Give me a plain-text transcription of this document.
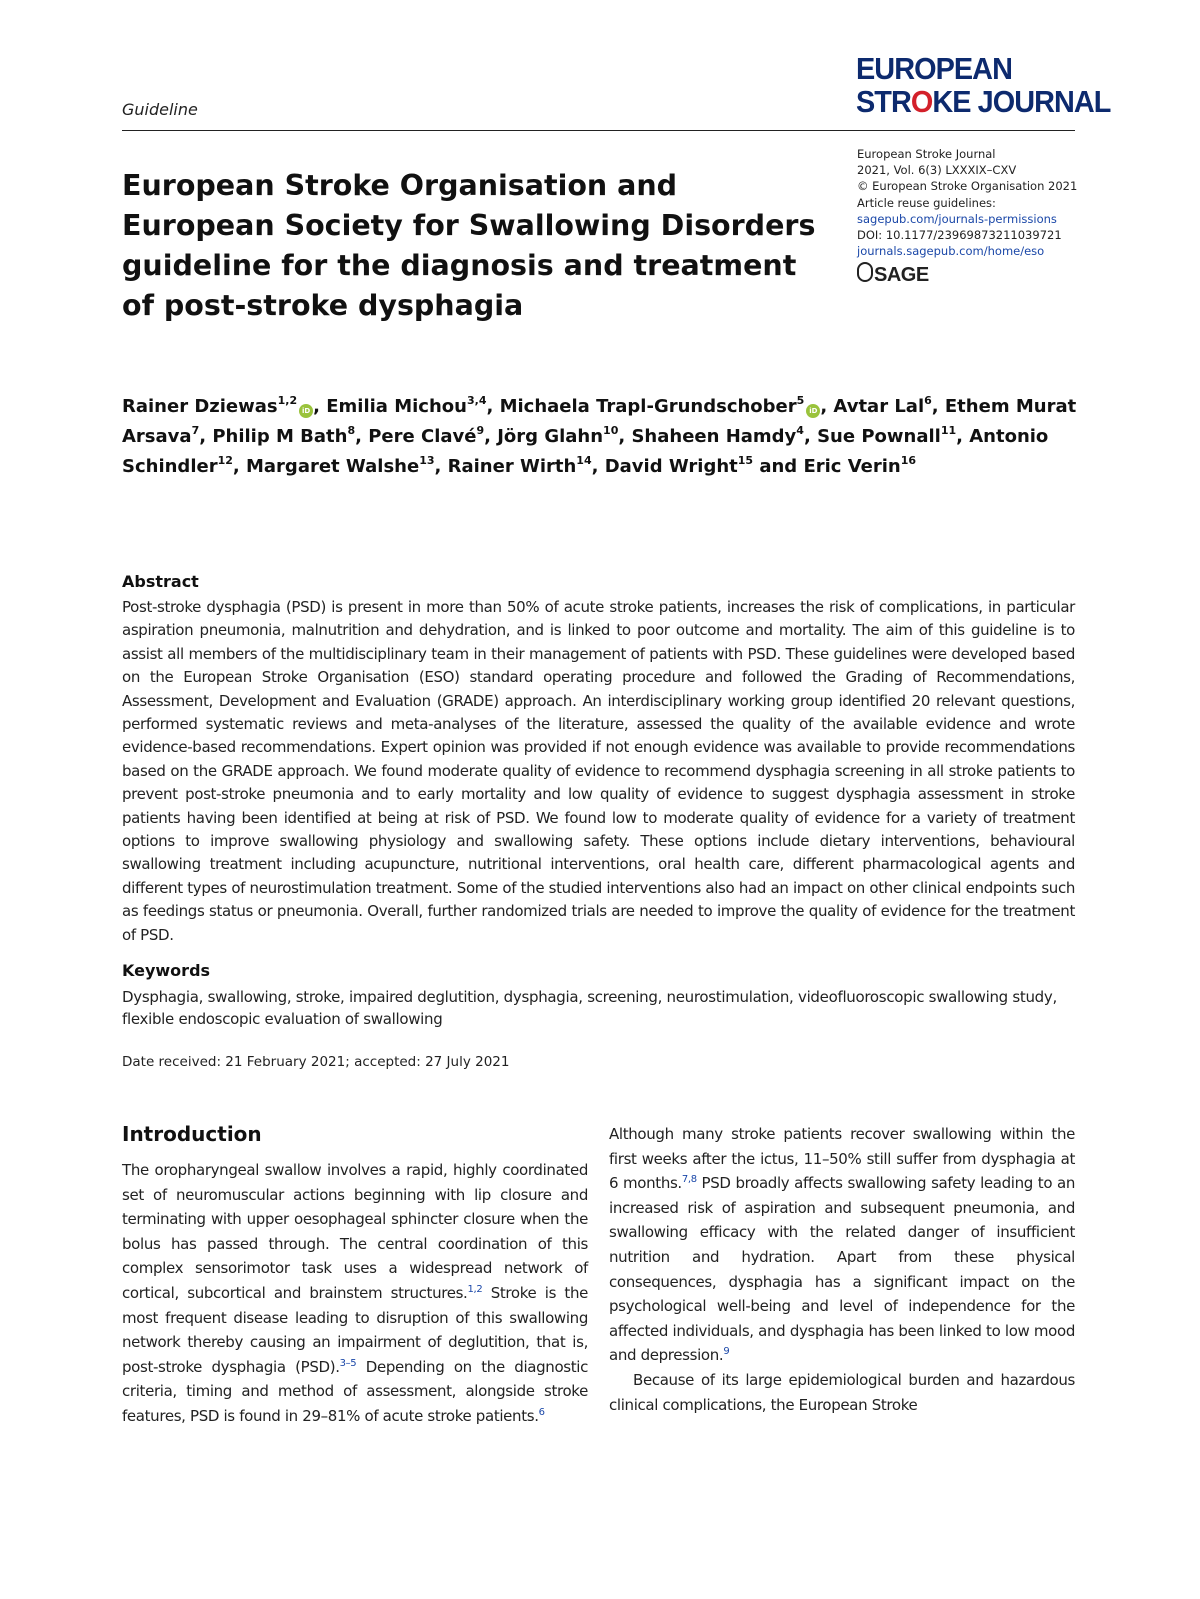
Guideline
EUROPEAN
STROKE JOURNAL
European Stroke Journal
2021, Vol. 6(3) LXXXIX–CXV
© European Stroke Organisation 2021
Article reuse guidelines:
sagepub.com/journals-permissions
DOI: 10.1177/23969873211039721
journals.sagepub.com/home/eso
SAGE
European Stroke Organisation and European Society for Swallowing Disorders guideline for the diagnosis and treatment of post-stroke dysphagia
Rainer Dziewas$^{1,2}$iD , Emilia Michou$^{3,4}$, Michaela Trapl-Grundschober$^5$iD , Avtar Lal$^6$, Ethem Murat Arsava$^7$, Philip M Bath$^8$, Pere Clavé$^9$, Jörg Glahn$^{10}$, Shaheen Hamdy$^4$, Sue Pownall$^{11}$, Antonio Schindler$^{12}$, Margaret Walshe$^{13}$, Rainer Wirth$^{14}$, David Wright$^{15}$ and Eric Verin$^{16}$
Abstract
Post-stroke dysphagia (PSD) is present in more than 50% of acute stroke patients, increases the risk of complications, in particular aspiration pneumonia, malnutrition and dehydration, and is linked to poor outcome and mortality. The aim of this guideline is to assist all members of the multidisciplinary team in their management of patients with PSD. These guidelines were developed based on the European Stroke Organisation (ESO) standard operating procedure and followed the Grading of Recommendations, Assessment, Development and Evaluation (GRADE) approach. An interdisciplinary working group identified 20 relevant questions, performed systematic reviews and meta-analyses of the literature, assessed the quality of the available evidence and wrote evidence-based recommendations. Expert opinion was provided if not enough evidence was available to provide recommendations based on the GRADE approach. We found moderate quality of evidence to recommend dysphagia screening in all stroke patients to prevent post-stroke pneumonia and to early mortality and low quality of evidence to suggest dysphagia assessment in stroke patients having been identified at being at risk of PSD. We found low to moderate quality of evidence for a variety of treatment options to improve swallowing physiology and swallowing safety. These options include dietary interventions, behavioural swallowing treatment including acupuncture, nutritional interventions, oral health care, different pharmacological agents and different types of neurostimulation treatment. Some of the studied interventions also had an impact on other clinical endpoints such as feedings status or pneumonia. Overall, further randomized trials are needed to improve the quality of evidence for the treatment of PSD.
Keywords
Dysphagia, swallowing, stroke, impaired deglutition, dysphagia, screening, neurostimulation, videofluoroscopic swallowing study, flexible endoscopic evaluation of swallowing
Date received: 21 February 2021; accepted: 27 July 2021
Introduction
The oropharyngeal swallow involves a rapid, highly coordinated set of neuromuscular actions beginning with lip closure and terminating with upper oesophageal sphincter closure when the bolus has passed through. The central coordination of this complex sensorimotor task uses a widespread network of cortical, subcortical and brainstem structures.$^{1,2}$ Stroke is the most frequent disease leading to disruption of this swallowing network thereby causing an impairment of deglutition, that is, post-stroke dysphagia (PSD).$^{3-5}$ Depending on the diagnostic criteria, timing and method of assessment, alongside stroke features, PSD is found in 29–81% of acute stroke patients.$^6$
Although many stroke patients recover swallowing within the first weeks after the ictus, 11–50% still suffer from dysphagia at 6 months.$^{7,8}$ PSD broadly affects swallowing safety leading to an increased risk of aspiration and subsequent pneumonia, and swallowing efficacy with the related danger of insufficient nutrition and hydration. Apart from these physical consequences, dysphagia has a significant impact on the psychological well-being and level of independence for the affected individuals, and dysphagia has been linked to low mood and depression.$^9$
Because of its large epidemiological burden and hazardous clinical complications, the European Stroke
